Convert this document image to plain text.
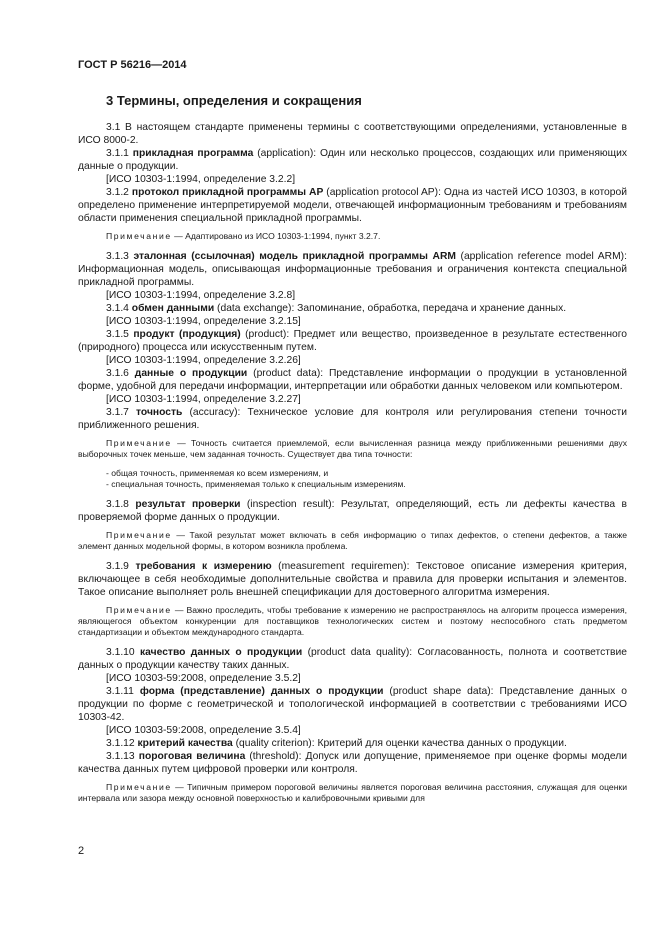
ГОСТ Р 56216—2014
3 Термины, определения и сокращения

3.1 В настоящем стандарте применены термины с соответствующими определениями, установленные в ИСО 8000-2.

3.1.1 прикладная программа (application): Один или несколько процессов, создающих или применяющих данные о продукции.

[ИСО 10303-1:1994, определение 3.2.2]

3.1.2 протокол прикладной программы AP (application protocol AP): Одна из частей ИСО 10303, в которой определено применение интерпретируемой модели, отвечающей информационным требованиям и требованиям области применения специальной прикладной программы.

Примечание — Адаптировано из ИСО 10303-1:1994, пункт 3.2.7.

3.1.3 эталонная (ссылочная) модель прикладной программы ARM (application reference model ARM): Информационная модель, описывающая информационные требования и ограничения контекста специальной прикладной программы.

[ИСО 10303-1:1994, определение 3.2.8]

3.1.4 обмен данными (data exchange): Запоминание, обработка, передача и хранение данных.

[ИСО 10303-1:1994, определение 3.2.15]

3.1.5 продукт (продукция) (product): Предмет или вещество, произведенное в результате естественного (природного) процесса или искусственным путем.

[ИСО 10303-1:1994, определение 3.2.26]

3.1.6 данные о продукции (product data): Представление информации о продукции в установленной форме, удобной для передачи информации, интерпретации или обработки данных человеком или компьютером.

[ИСО 10303-1:1994, определение 3.2.27]

3.1.7 точность (accuracy): Техническое условие для контроля или регулирования степени точности приближенного решения.

Примечание — Точность считается приемлемой, если вычисленная разница между приближенными решениями двух выборочных точек меньше, чем заданная точность. Существует два типа точности:

- общая точность, применяемая ко всем измерениям, и

- специальная точность, применяемая только к специальным измерениям.

3.1.8 результат проверки (inspection result): Результат, определяющий, есть ли дефекты качества в проверяемой форме данных о продукции.

Примечание — Такой результат может включать в себя информацию о типах дефектов, о степени дефектов, а также элемент данных модельной формы, в котором возникла проблема.

3.1.9 требования к измерению (measurement requiremen): Текстовое описание измерения критерия, включающее в себя необходимые дополнительные свойства и правила для проверки испытания и элементов. Такое описание выполняет роль внешней спецификации для достоверного алгоритма измерения.

Примечание — Важно проследить, чтобы требование к измерению не распространялось на алгоритм процесса измерения, являющегося объектом конкуренции для поставщиков технологических систем и поэтому неспособного стать предметом стандартизации и объектом международного стандарта.

3.1.10 качество данных о продукции (product data quality): Согласованность, полнота и соответствие данных о продукции качеству таких данных.

[ИСО 10303-59:2008, определение 3.5.2]

3.1.11 форма (представление) данных о продукции (product shape data): Представление данных о продукции по форме с геометрической и топологической информацией в соответствии с требованиями ИСО 10303-42.

[ИСО 10303-59:2008, определение 3.5.4]

3.1.12 критерий качества (quality criterion): Критерий для оценки качества данных о продукции.

3.1.13 пороговая величина (threshold): Допуск или допущение, применяемое при оценке формы модели качества данных путем цифровой проверки или контроля.

Примечание — Типичным примером пороговой величины является пороговая величина расстояния, служащая для оценки интервала или зазора между основной поверхностью и калибровочными кривыми для

2
